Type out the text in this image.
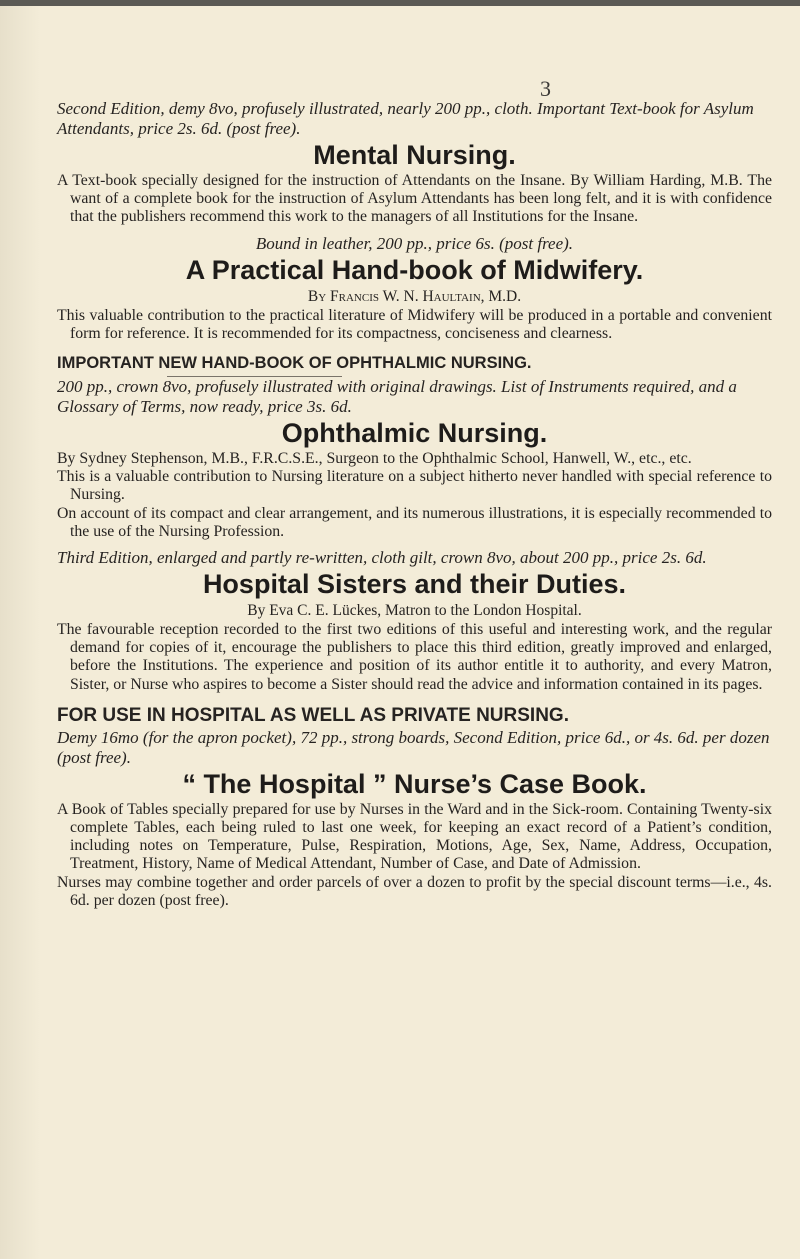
3

Second Edition, demy 8vo, profusely illustrated, nearly 200 pp., cloth. Important Text-book for Asylum Attendants, price 2s. 6d. (post free).

Mental Nursing.

A Text-book specially designed for the instruction of Attendants on the Insane. By William Harding, M.B. The want of a complete book for the instruction of Asylum Attendants has been long felt, and it is with confidence that the publishers recommend this work to the managers of all Institutions for the Insane.

Bound in leather, 200 pp., price 6s. (post free).

A Practical Hand-book of Midwifery.

By Francis W. N. Haultain, M.D.

This valuable contribution to the practical literature of Midwifery will be produced in a portable and convenient form for reference. It is recommended for its compactness, conciseness and clearness.

IMPORTANT NEW HAND-BOOK OF OPHTHALMIC NURSING.

200 pp., crown 8vo, profusely illustrated with original drawings. List of Instruments required, and a Glossary of Terms, now ready, price 3s. 6d.

Ophthalmic Nursing.

By Sydney Stephenson, M.B., F.R.C.S.E., Surgeon to the Ophthalmic School, Hanwell, W., etc., etc.

This is a valuable contribution to Nursing literature on a subject hitherto never handled with special reference to Nursing.

On account of its compact and clear arrangement, and its numerous illustrations, it is especially recommended to the use of the Nursing Profession.

Third Edition, enlarged and partly re-written, cloth gilt, crown 8vo, about 200 pp., price 2s. 6d.

Hospital Sisters and their Duties.

By Eva C. E. Lückes, Matron to the London Hospital.

The favourable reception recorded to the first two editions of this useful and interesting work, and the regular demand for copies of it, encourage the publishers to place this third edition, greatly improved and enlarged, before the Institutions. The experience and position of its author entitle it to authority, and every Matron, Sister, or Nurse who aspires to become a Sister should read the advice and information contained in its pages.

FOR USE IN HOSPITAL AS WELL AS PRIVATE NURSING.

Demy 16mo (for the apron pocket), 72 pp., strong boards, Second Edition, price 6d., or 4s. 6d. per dozen (post free).

“ The Hospital ” Nurse’s Case Book.

A Book of Tables specially prepared for use by Nurses in the Ward and in the Sick-room. Containing Twenty-six complete Tables, each being ruled to last one week, for keeping an exact record of a Patient’s condition, including notes on Temperature, Pulse, Respiration, Motions, Age, Sex, Name, Address, Occupation, Treatment, History, Name of Medical Attendant, Number of Case, and Date of Admission.

Nurses may combine together and order parcels of over a dozen to profit by the special discount terms—i.e., 4s. 6d. per dozen (post free).
